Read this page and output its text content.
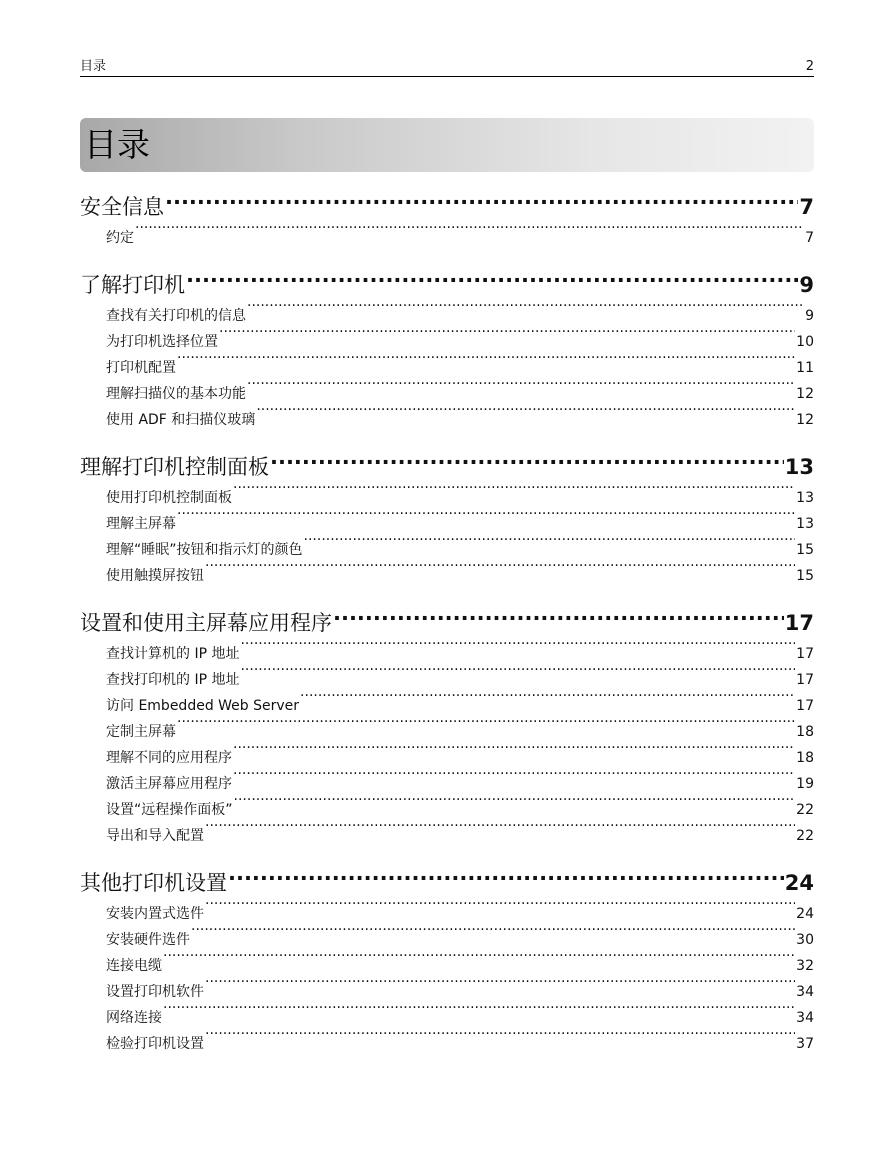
目录	2
目录
安全信息 .....	7
约定 .....	7
了解打印机 .....	9
查找有关打印机的信息 .....	9
为打印机选择位置 .....	10
打印机配置 .....	11
理解扫描仪的基本功能 .....	12
使用 ADF 和扫描仪玻璃 .....	12
理解打印机控制面板 .....	13
使用打印机控制面板 .....	13
理解主屏幕 .....	13
理解“睡眠”按钮和指示灯的颜色 .....	15
使用触摸屏按钮 .....	15
设置和使用主屏幕应用程序 .....	17
查找计算机的 IP 地址 .....	17
查找打印机的 IP 地址 .....	17
访问 Embedded Web Server .....	17
定制主屏幕 .....	18
理解不同的应用程序 .....	18
激活主屏幕应用程序 .....	19
设置“远程操作面板” .....	22
导出和导入配置 .....	22
其他打印机设置 .....	24
安装内置式选件 .....	24
安装硬件选件 .....	30
连接电缆 .....	32
设置打印机软件 .....	34
网络连接 .....	34
检验打印机设置 .....	37
